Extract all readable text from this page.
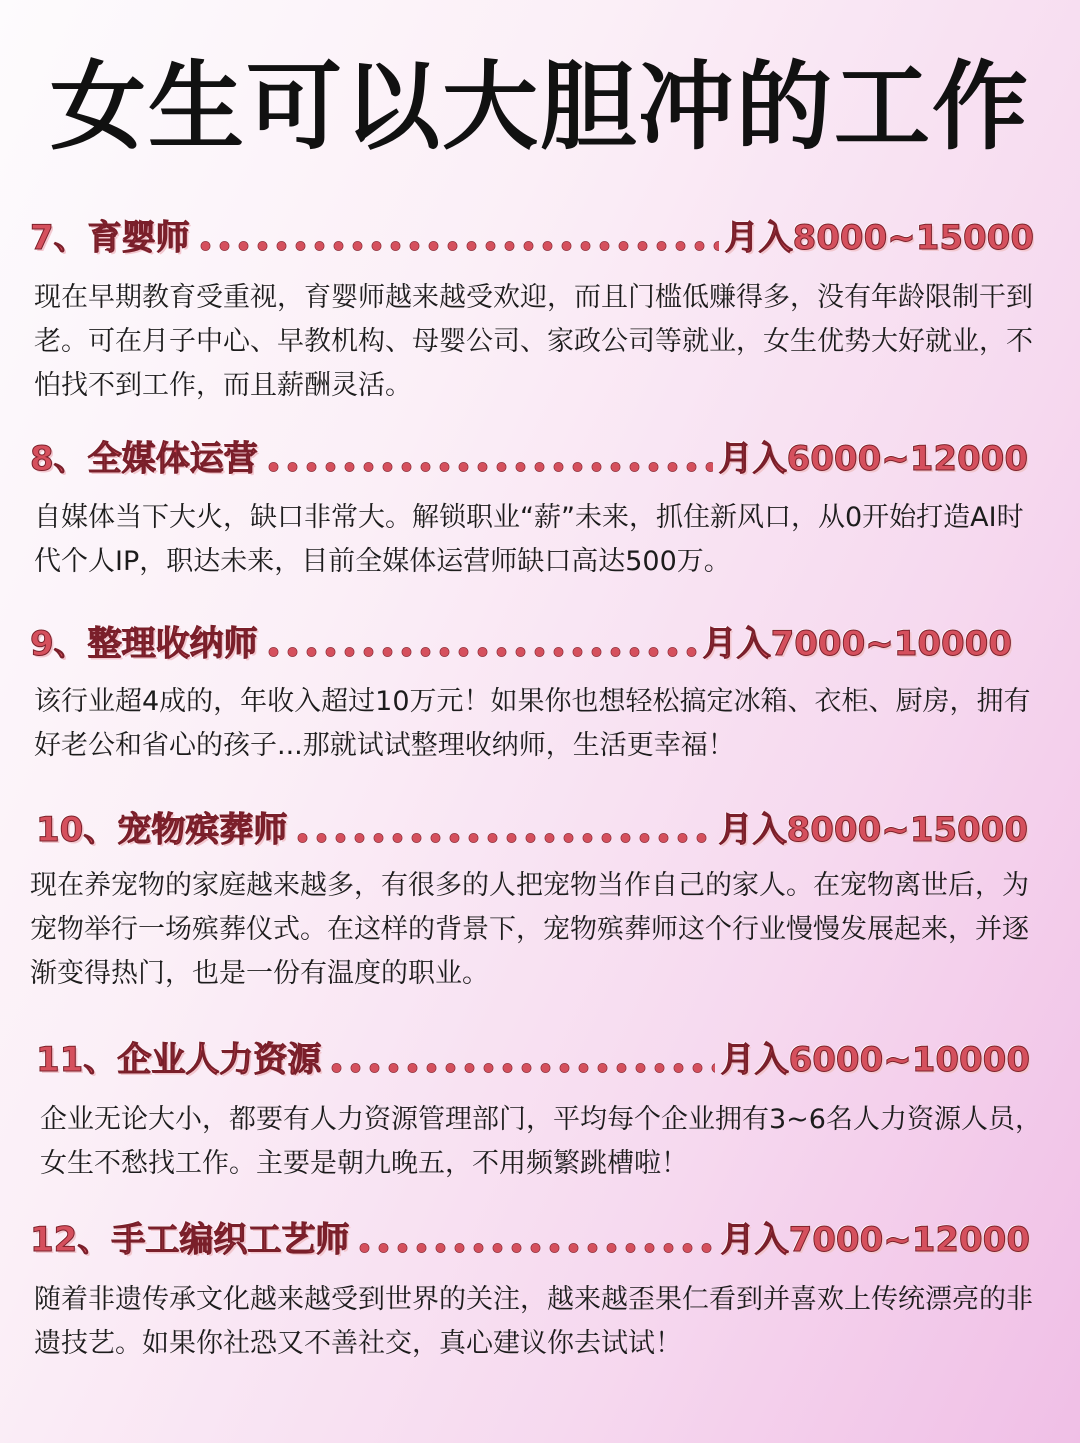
女生可以大胆冲的工作
7、育婴师	月入8000~15000

现在早期教育受重视，育婴师越来越受欢迎，而且门槛低赚得多，没有年龄限制干到老。可在月子中心、早教机构、母婴公司、家政公司等就业，女生优势大好就业，不怕找不到工作，而且薪酬灵活。

8、全媒体运营	月入6000~12000

自媒体当下大火，缺口非常大。解锁职业“薪”未来，抓住新风口，从0开始打造AI时代个人IP，职达未来，目前全媒体运营师缺口高达500万。

9、整理收纳师	月入7000~10000

该行业超4成的，年收入超过10万元！如果你也想轻松搞定冰箱、衣柜、厨房，拥有好老公和省心的孩子...那就试试整理收纳师，生活更幸福！

10、宠物殡葬师	月入8000~15000

现在养宠物的家庭越来越多，有很多的人把宠物当作自己的家人。在宠物离世后，为宠物举行一场殡葬仪式。在这样的背景下，宠物殡葬师这个行业慢慢发展起来，并逐渐变得热门，也是一份有温度的职业。

11、企业人力资源	月入6000~10000

企业无论大小，都要有人力资源管理部门，平均每个企业拥有3~6名人力资源人员，女生不愁找工作。主要是朝九晚五，不用频繁跳槽啦！

12、手工编织工艺师	月入7000~12000

随着非遗传承文化越来越受到世界的关注，越来越歪果仁看到并喜欢上传统漂亮的非遗技艺。如果你社恐又不善社交，真心建议你去试试！
